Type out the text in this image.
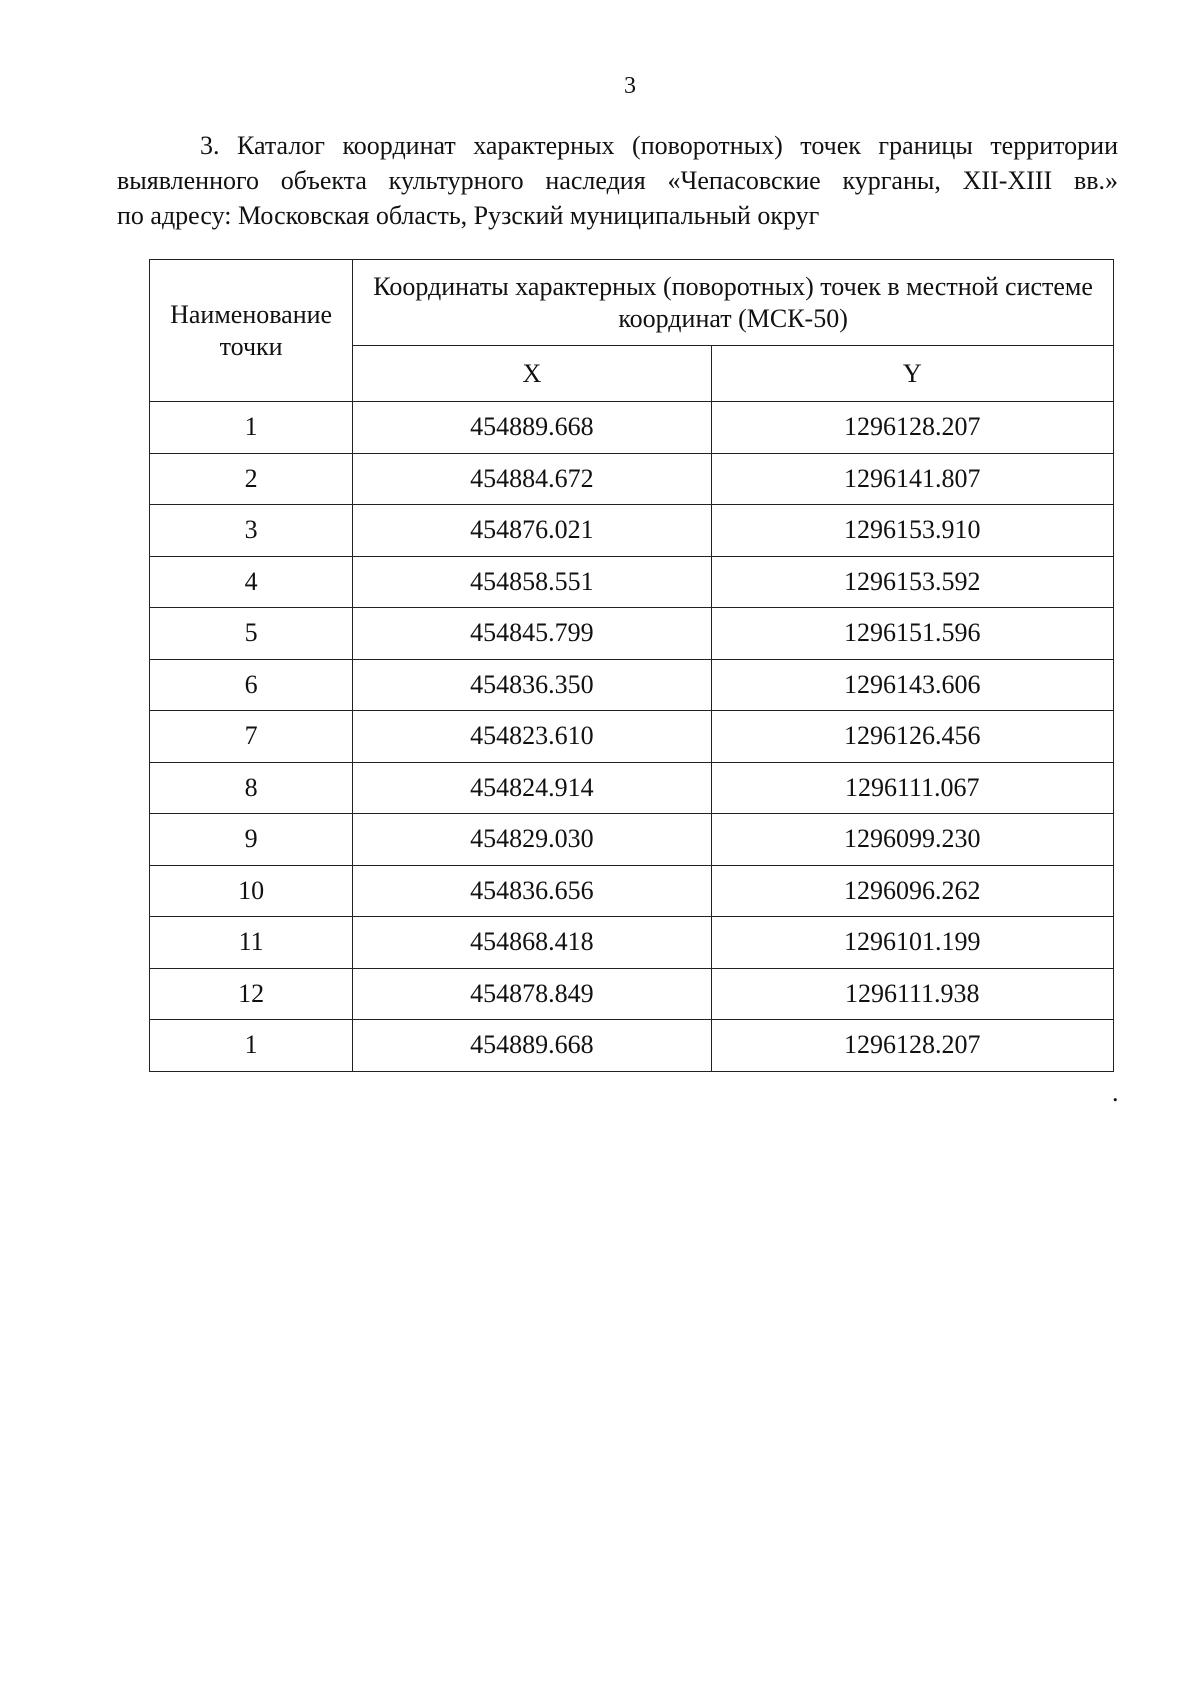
3
3. Каталог координат характерных (поворотных) точек границы территории
выявленного объекта культурного наследия «Чепасовские курганы, XII-XIII вв.»
по адресу: Московская область, Рузский муниципальный округ
Наименование точки	Координаты характерных (поворотных) точек в местной системе координат (МСК-50)	
	X	Y
1	454889.668	1296128.207
2	454884.672	1296141.807
3	454876.021	1296153.910
4	454858.551	1296153.592
5	454845.799	1296151.596
6	454836.350	1296143.606
7	454823.610	1296126.456
8	454824.914	1296111.067
9	454829.030	1296099.230
10	454836.656	1296096.262
11	454868.418	1296101.199
12	454878.849	1296111.938
1	454889.668	1296128.207
.
